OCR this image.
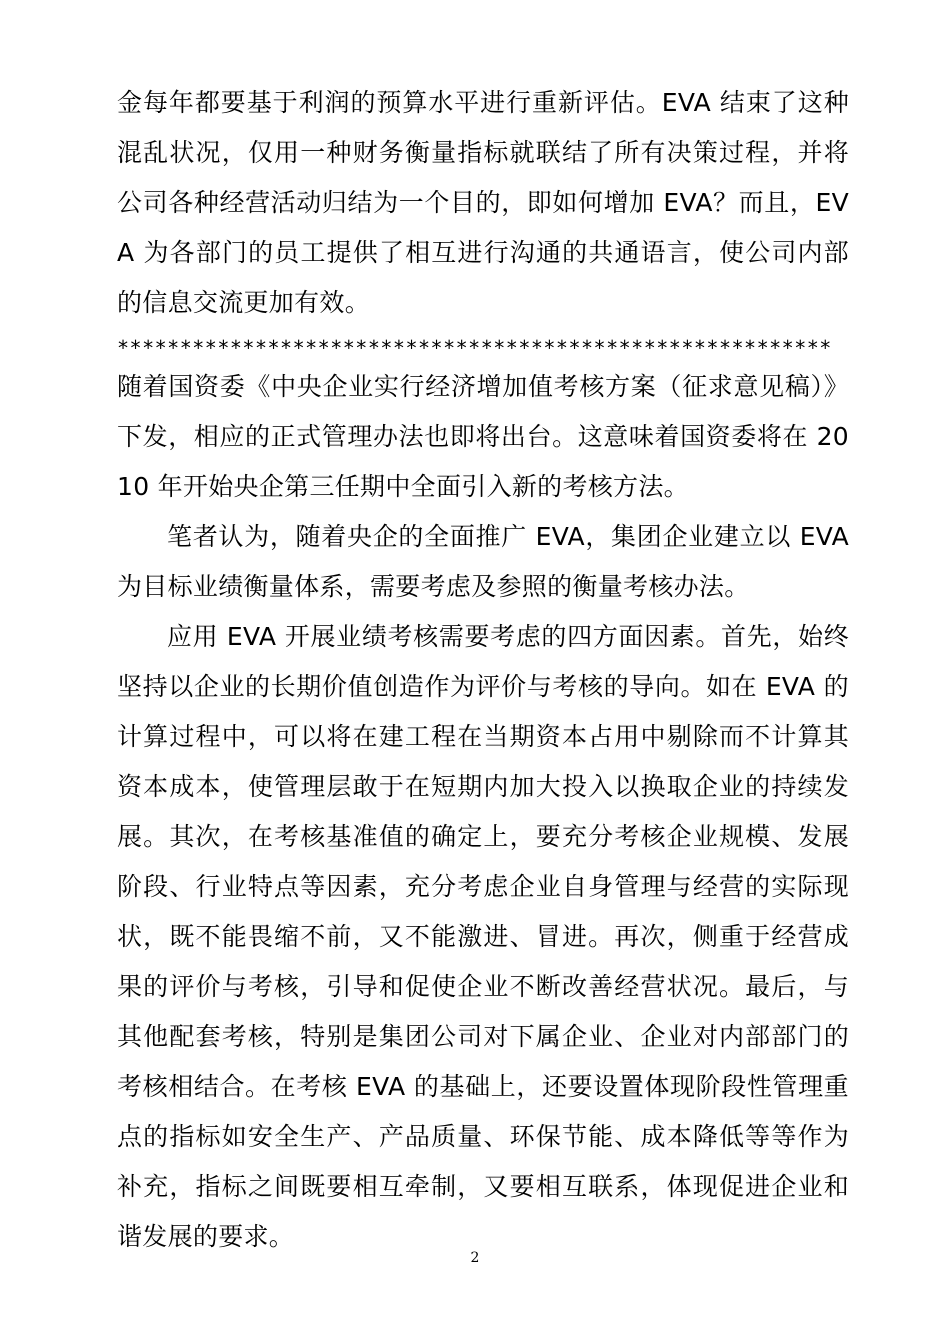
金每年都要基于利润的预算水平进行重新评估。EVA 结束了这种混乱状况，仅用一种财务衡量指标就联结了所有决策过程，并将公司各种经营活动归结为一个目的，即如何增加 EVA？而且，EVA 为各部门的员工提供了相互进行沟通的共通语言，使公司内部的信息交流更加有效。

*********************************************************

随着国资委《中央企业实行经济增加值考核方案（征求意见稿）》下发，相应的正式管理办法也即将出台。这意味着国资委将在 2010 年开始央企第三任期中全面引入新的考核方法。

笔者认为，随着央企的全面推广 EVA，集团企业建立以 EVA 为目标业绩衡量体系，需要考虑及参照的衡量考核办法。

应用 EVA 开展业绩考核需要考虑的四方面因素。首先，始终坚持以企业的长期价值创造作为评价与考核的导向。如在 EVA 的计算过程中，可以将在建工程在当期资本占用中剔除而不计算其资本成本，使管理层敢于在短期内加大投入以换取企业的持续发展。其次，在考核基准值的确定上，要充分考核企业规模、发展阶段、行业特点等因素，充分考虑企业自身管理与经营的实际现状，既不能畏缩不前，又不能激进、冒进。再次，侧重于经营成果的评价与考核，引导和促使企业不断改善经营状况。最后，与其他配套考核，特别是集团公司对下属企业、企业对内部部门的考核相结合。在考核 EVA 的基础上，还要设置体现阶段性管理重点的指标如安全生产、产品质量、环保节能、成本降低等等作为补充，指标之间既要相互牵制，又要相互联系，体现促进企业和谐发展的要求。

2
